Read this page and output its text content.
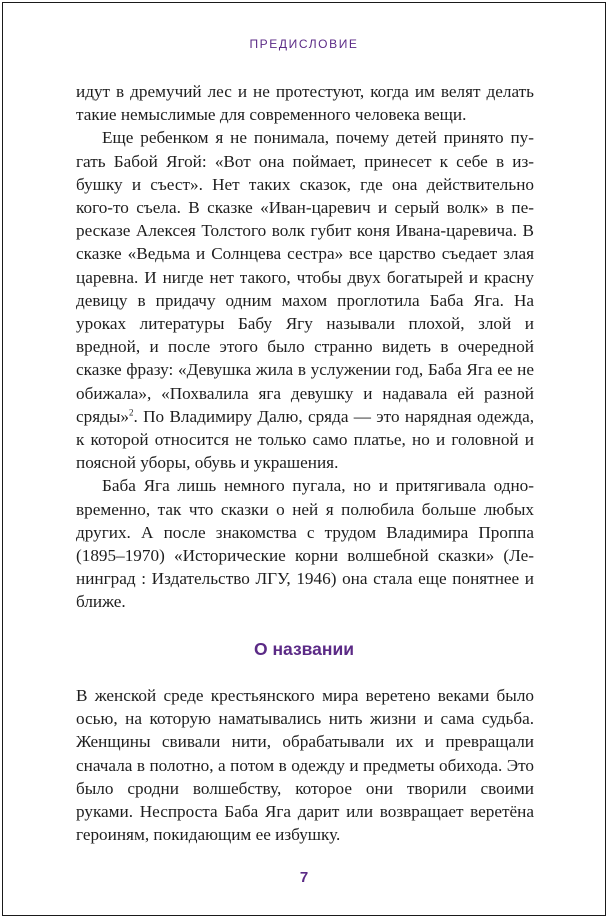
ПРЕДИСЛОВИЕ

идут в дремучий лес и не протестуют, когда им велят делать такие немыслимые для современного человека вещи.

Еще ребенком я не понимала, почему детей принято пугать Бабой Ягой: «Вот она поймает, принесет к себе в избушку и съест». Нет таких сказок, где она действительно кого-то съела. В сказке «Иван-царевич и серый волк» в пересказе Алексея Толстого волк губит коня Ивана-царевича. В сказке «Ведьма и Солнцева сестра» все царство съедает злая царевна. И нигде нет такого, чтобы двух богатырей и красну девицу в придачу одним махом проглотила Баба Яга. На уроках литературы Бабу Ягу называли плохой, злой и вредной, и после этого было странно видеть в очередной сказке фразу: «Девушка жила в услужении год, Баба Яга ее не обижала», «Похвалила яга девушку и надавала ей разной сряды»$^2$. По Владимиру Далю, сряда — это нарядная одежда, к которой относится не только само платье, но и головной и поясной уборы, обувь и украшения.

Баба Яга лишь немного пугала, но и притягивала одновременно, так что сказки о ней я полюбила больше любых других. А после знакомства с трудом Владимира Проппа (1895–1970) «Исторические корни волшебной сказки» (Ленинград : Издательство ЛГУ, 1946) она стала еще понятнее и ближе.

О названии

В женской среде крестьянского мира веретено веками было осью, на которую наматывались нить жизни и сама судьба. Женщины свивали нити, обрабатывали их и превращали сначала в полотно, а потом в одежду и предметы обихода. Это было сродни волшебству, которое они творили своими руками. Неспроста Баба Яга дарит или возвращает веретёна героиням, покидающим ее избушку.

7
